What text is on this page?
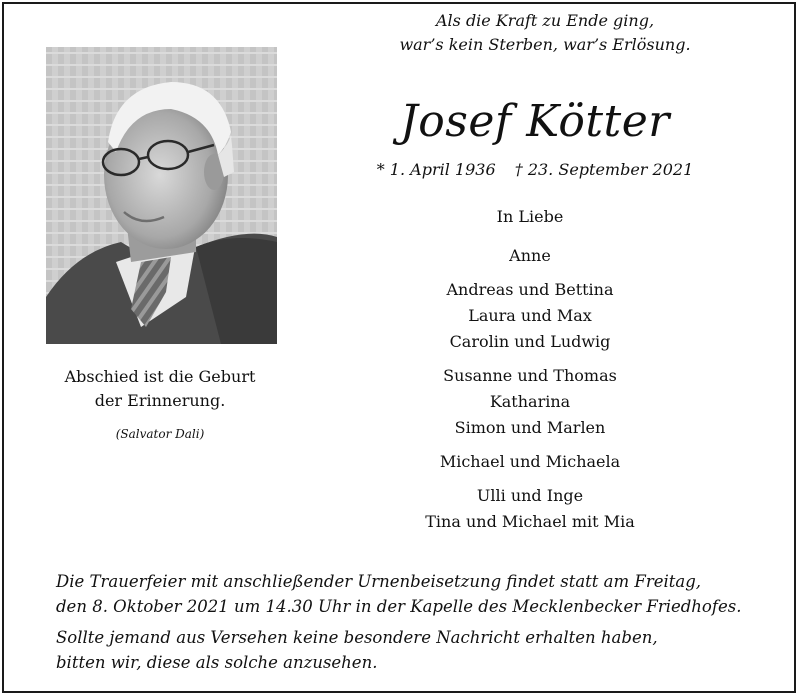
Als die Kraft zu Ende ging,
war’s kein Sterben, war’s Erlösung.
Josef Kötter
* 1. April 1936 † 23. September 2021
In Liebe
Anne
Andreas und Bettina
Laura und Max
Carolin und Ludwig
Susanne und Thomas
Katharina
Simon und Marlen
Michael und Michaela
Ulli und Inge
Tina und Michael mit Mia
Abschied ist die Geburt
der Erinnerung.
(Salvator Dali)
Die Trauerfeier mit anschließender Urnenbeisetzung findet statt am Freitag,
den 8. Oktober 2021 um 14.30 Uhr in der Kapelle des Mecklenbecker Friedhofes.
Sollte jemand aus Versehen keine besondere Nachricht erhalten haben,
bitten wir, diese als solche anzusehen.
